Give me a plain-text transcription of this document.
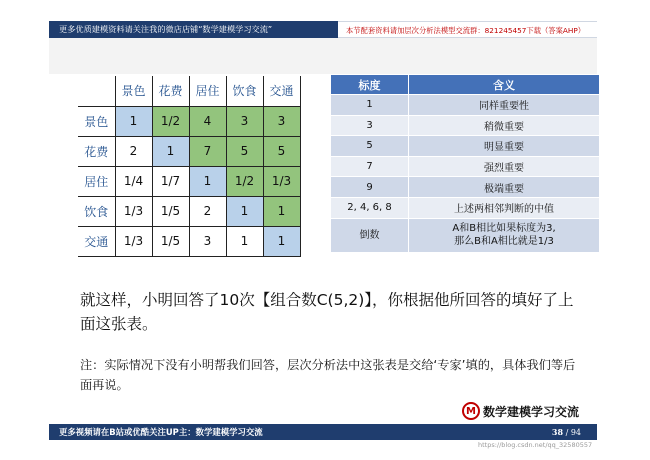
更多优质建模资料请关注我的微店店铺“数学建模学习交流”	本节配套资料请加层次分析法模型交流群：821245457下载（答案AHP）
	景色	花费	居住	饮食	交通
景色	1	1/2	4	3	3
花费	2	1	7	5	5
居住	1/4	1/7	1	1/2	1/3
饮食	1/3	1/5	2	1	1
交通	1/3	1/5	3	1	1
标度	含义
1	同样重要性
3	稍微重要
5	明显重要
7	强烈重要
9	极端重要
2, 4, 6, 8	上述两相邻判断的中值
倒数	A和B相比如果标度为3,
那么B和A相比就是1/3
就这样，小明回答了10次【组合数C(5,2)】，你根据他所回答的填好了上面这张表。
注：实际情况下没有小明帮我们回答，层次分析法中这张表是交给‘专家’填的，具体我们等后面再说。
M 数学建模学习交流
更多视频请在B站或优酷关注UP主：数学建模学习交流	38 / 94
https://blog.csdn.net/qq_32580557
